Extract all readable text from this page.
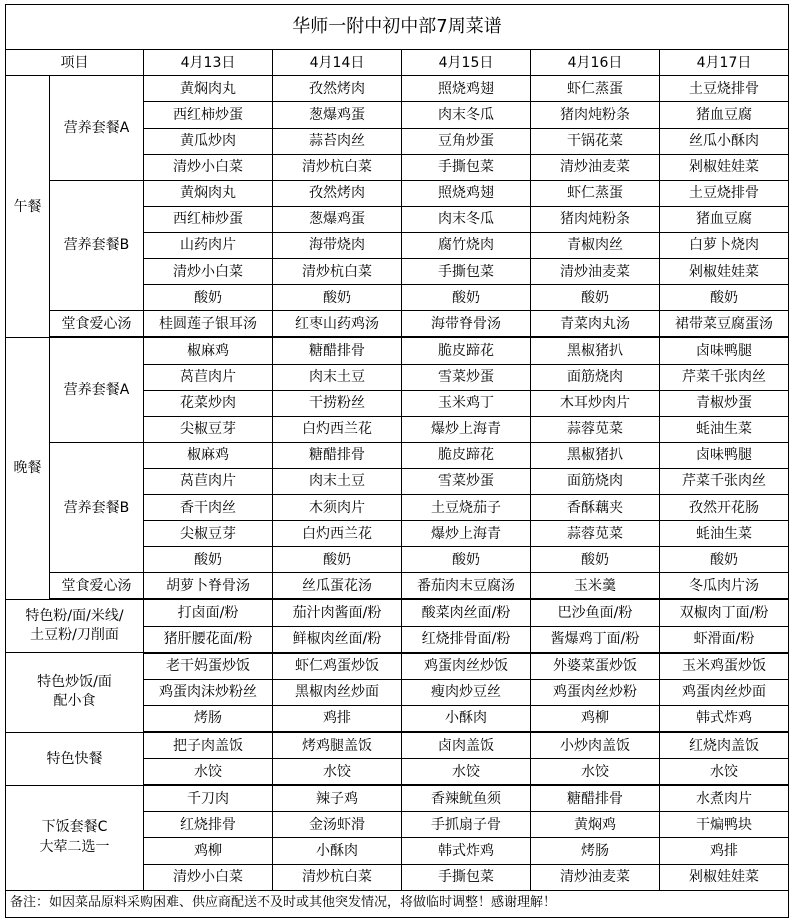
华师一附中初中部7周菜谱						
项目		4月13日	4月14日	4月15日	4月16日	4月17日
午餐	营养套餐A	黄焖肉丸	孜然烤肉	照烧鸡翅	虾仁蒸蛋	土豆烧排骨
		西红柿炒蛋	葱爆鸡蛋	肉末冬瓜	猪肉炖粉条	猪血豆腐
		黄瓜炒肉	蒜苔肉丝	豆角炒蛋	干锅花菜	丝瓜小酥肉
		清炒小白菜	清炒杭白菜	手撕包菜	清炒油麦菜	剁椒娃娃菜
	营养套餐B	黄焖肉丸	孜然烤肉	照烧鸡翅	虾仁蒸蛋	土豆烧排骨
		西红柿炒蛋	葱爆鸡蛋	肉末冬瓜	猪肉炖粉条	猪血豆腐
		山药肉片	海带烧肉	腐竹烧肉	青椒肉丝	白萝卜烧肉
		清炒小白菜	清炒杭白菜	手撕包菜	清炒油麦菜	剁椒娃娃菜
		酸奶	酸奶	酸奶	酸奶	酸奶
	堂食爱心汤	桂圆莲子银耳汤	红枣山药鸡汤	海带脊骨汤	青菜肉丸汤	裙带菜豆腐蛋汤
晚餐	营养套餐A	椒麻鸡	糖醋排骨	脆皮蹄花	黑椒猪扒	卤味鸭腿
		莴苣肉片	肉末土豆	雪菜炒蛋	面筋烧肉	芹菜千张肉丝
		花菜炒肉	干捞粉丝	玉米鸡丁	木耳炒肉片	青椒炒蛋
		尖椒豆芽	白灼西兰花	爆炒上海青	蒜蓉苋菜	蚝油生菜
	营养套餐B	椒麻鸡	糖醋排骨	脆皮蹄花	黑椒猪扒	卤味鸭腿
		莴苣肉片	肉末土豆	雪菜炒蛋	面筋烧肉	芹菜千张肉丝
		香干肉丝	木须肉片	土豆烧茄子	香酥藕夹	孜然开花肠
		尖椒豆芽	白灼西兰花	爆炒上海青	蒜蓉苋菜	蚝油生菜
		酸奶	酸奶	酸奶	酸奶	酸奶
	堂食爱心汤	胡萝卜脊骨汤	丝瓜蛋花汤	番茄肉末豆腐汤	玉米羹	冬瓜肉片汤
特色粉/面/米线/
土豆粉/刀削面		打卤面/粉	茄汁肉酱面/粉	酸菜肉丝面/粉	巴沙鱼面/粉	双椒肉丁面/粉
		猪肝腰花面/粉	鲜椒肉丝面/粉	红烧排骨面/粉	酱爆鸡丁面/粉	虾滑面/粉
特色炒饭/面
配小食		老干妈蛋炒饭	虾仁鸡蛋炒饭	鸡蛋肉丝炒饭	外婆菜蛋炒饭	玉米鸡蛋炒饭
		鸡蛋肉沫炒粉丝	黑椒肉丝炒面	瘦肉炒豆丝	鸡蛋肉丝炒粉	鸡蛋肉丝炒面
		烤肠	鸡排	小酥肉	鸡柳	韩式炸鸡
特色快餐		把子肉盖饭	烤鸡腿盖饭	卤肉盖饭	小炒肉盖饭	红烧肉盖饭
		水饺	水饺	水饺	水饺	水饺
下饭套餐C
大荤二选一		千刀肉	辣子鸡	香辣鱿鱼须	糖醋排骨	水煮肉片
		红烧排骨	金汤虾滑	手抓扇子骨	黄焖鸡	干煸鸭块
		鸡柳	小酥肉	韩式炸鸡	烤肠	鸡排
		清炒小白菜	清炒杭白菜	手撕包菜	清炒油麦菜	剁椒娃娃菜
备注：如因菜品原料采购困难、供应商配送不及时或其他突发情况，将做临时调整！感谢理解！						
